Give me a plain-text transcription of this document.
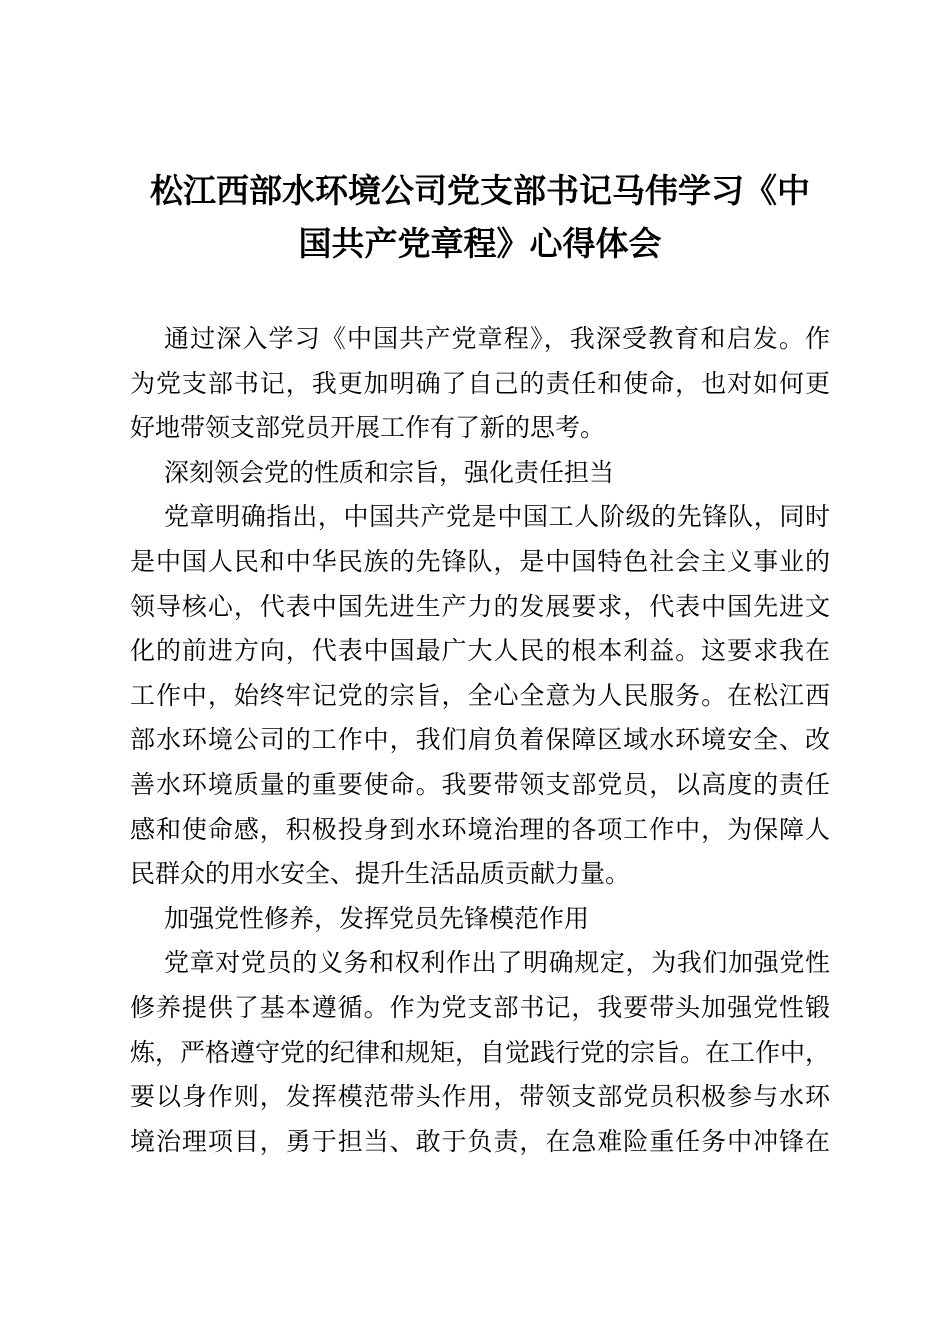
松江西部水环境公司党支部书记马伟学习《中
国共产党章程》心得体会
通过深入学习《中国共产党章程》，我深受教育和启发。作
为党支部书记，我更加明确了自己的责任和使命，也对如何更
好地带领支部党员开展工作有了新的思考。
深刻领会党的性质和宗旨，强化责任担当
党章明确指出，中国共产党是中国工人阶级的先锋队，同时
是中国人民和中华民族的先锋队，是中国特色社会主义事业的
领导核心，代表中国先进生产力的发展要求，代表中国先进文
化的前进方向，代表中国最广大人民的根本利益。这要求我在
工作中，始终牢记党的宗旨，全心全意为人民服务。在松江西
部水环境公司的工作中，我们肩负着保障区域水环境安全、改
善水环境质量的重要使命。我要带领支部党员，以高度的责任
感和使命感，积极投身到水环境治理的各项工作中，为保障人
民群众的用水安全、提升生活品质贡献力量。
加强党性修养，发挥党员先锋模范作用
党章对党员的义务和权利作出了明确规定，为我们加强党性
修养提供了基本遵循。作为党支部书记，我要带头加强党性锻
炼，严格遵守党的纪律和规矩，自觉践行党的宗旨。在工作中，
要以身作则，发挥模范带头作用，带领支部党员积极参与水环
境治理项目，勇于担当、敢于负责，在急难险重任务中冲锋在
